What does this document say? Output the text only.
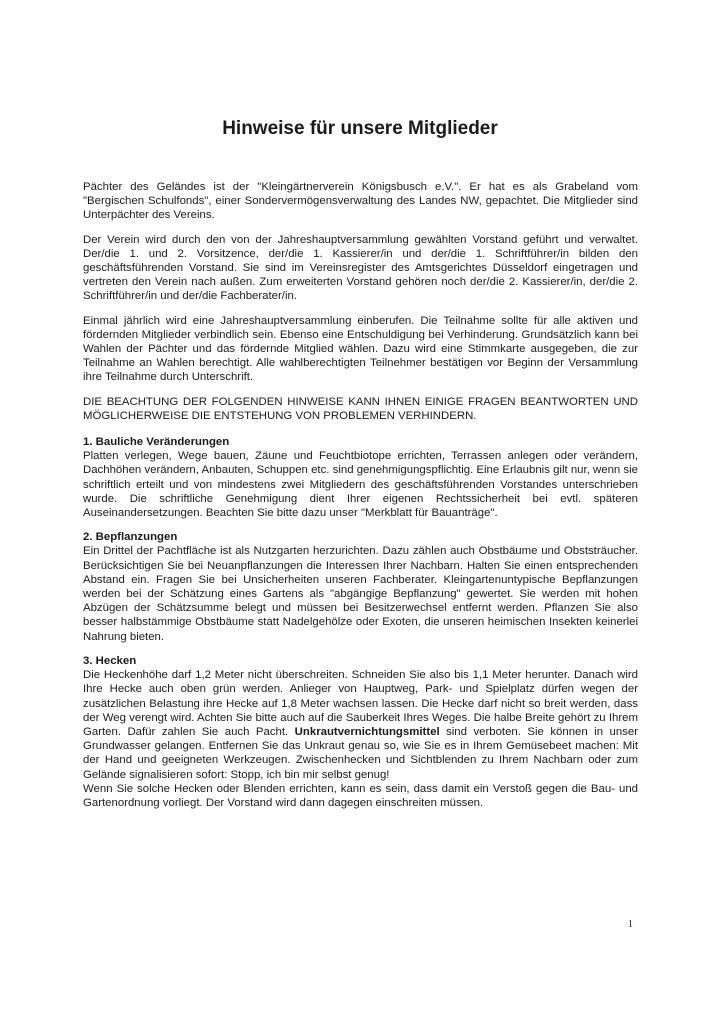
Hinweise für unsere Mitglieder

Pächter des Geländes ist der "Kleingärtnerverein Königsbusch e.V.". Er hat es als Grabeland vom "Bergischen Schulfonds", einer Sondervermögensverwaltung des Landes NW, gepachtet. Die Mitglieder sind Unterpächter des Vereins.

Der Verein wird durch den von der Jahreshauptversammlung gewählten Vorstand geführt und verwaltet. Der/die 1. und 2. Vorsitzence, der/die 1. Kassierer/in und der/die 1. Schriftführer/in bilden den geschäftsführenden Vorstand. Sie sind im Vereinsregister des Amtsgerichtes Düsseldorf eingetragen und vertreten den Verein nach außen. Zum erweiterten Vorstand gehören noch der/die 2. Kassierer/in, der/die 2. Schriftführer/in und der/die Fachberater/in.

Einmal jährlich wird eine Jahreshauptversammlung einberufen. Die Teilnahme sollte für alle aktiven und fördernden Mitglieder verbindlich sein. Ebenso eine Entschuldigung bei Verhinderung. Grundsätzlich kann bei Wahlen der Pächter und das fördernde Mitglied wählen. Dazu wird eine Stimmkarte ausgegeben, die zur Teilnahme an Wahlen berechtigt. Alle wahlberechtigten Teilnehmer bestätigen vor Beginn der Versammlung ihre Teilnahme durch Unterschrift.

DIE BEACHTUNG DER FOLGENDEN HINWEISE KANN IHNEN EINIGE FRAGEN BEANTWORTEN UND MÖGLICHERWEISE DIE ENTSTEHUNG VON PROBLEMEN VERHINDERN.

1. Bauliche Veränderungen

Platten verlegen, Wege bauen, Zäune und Feuchtbiotope errichten, Terrassen anlegen oder verändern, Dachhöhen verändern, Anbauten, Schuppen etc. sind genehmigungspflichtig. Eine Erlaubnis gilt nur, wenn sie schriftlich erteilt und von mindestens zwei Mitgliedern des geschäftsführenden Vorstandes unterschrieben wurde. Die schriftliche Genehmigung dient Ihrer eigenen Rechtssicherheit bei evtl. späteren Auseinandersetzungen. Beachten Sie bitte dazu unser "Merkblatt für Bauanträge".

2. Bepflanzungen

Ein Drittel der Pachtfläche ist als Nutzgarten herzurichten. Dazu zählen auch Obstbäume und Obststräucher. Berücksichtigen Sie bei Neuanpflanzungen die Interessen Ihrer Nachbarn. Halten Sie einen entsprechenden Abstand ein. Fragen Sie bei Unsicherheiten unseren Fachberater. Kleingartenuntypische Bepflanzungen werden bei der Schätzung eines Gartens als "abgängige Bepflanzung" gewertet. Sie werden mit hohen Abzügen der Schätzsumme belegt und müssen bei Besitzerwechsel entfernt werden. Pflanzen Sie also besser halbstämmige Obstbäume statt Nadelgehölze oder Exoten, die unseren heimischen Insekten keinerlei Nahrung bieten.

3. Hecken

Die Heckenhöhe darf 1,2 Meter nicht überschreiten. Schneiden Sie also bis 1,1 Meter herunter. Danach wird Ihre Hecke auch oben grün werden. Anlieger von Hauptweg, Park- und Spielplatz dürfen wegen der zusätzlichen Belastung ihre Hecke auf 1,8 Meter wachsen lassen. Die Hecke darf nicht so breit werden, dass der Weg verengt wird. Achten Sie bitte auch auf die Sauberkeit Ihres Weges. Die halbe Breite gehört zu Ihrem Garten. Dafür zahlen Sie auch Pacht. Unkrautvernichtungsmittel sind verboten. Sie können in unser Grundwasser gelangen. Entfernen Sie das Unkraut genau so, wie Sie es in Ihrem Gemüsebeet machen: Mit der Hand und geeigneten Werkzeugen. Zwischenhecken und Sichtblenden zu Ihrem Nachbarn oder zum Gelände signalisieren sofort: Stopp, ich bin mir selbst genug!

Wenn Sie solche Hecken oder Blenden errichten, kann es sein, dass damit ein Verstoß gegen die Bau- und Gartenordnung vorliegt. Der Vorstand wird dann dagegen einschreiten müssen.

1
